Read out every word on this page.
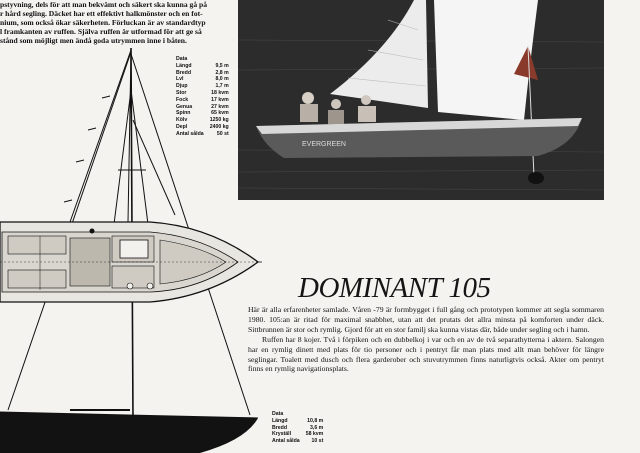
pstyvning, dels för att man bekvämt och säkert ska kunna gå på
r hård segling. Däcket har ett effektivt halkmönster och en fot-
nium, som också ökar säkerheten. Förluckan är av standardtyp
l framkanten av ruffen. Själva ruffen är utformad för att ge så
stånd som möjligt men ändå goda utrymmen inne i båten.
Data
Längd	9,5 m
Bredd	2,8 m
Lvl	8,0 m
Djup	1,7 m
Stor	18 kvm
Fock	17 kvm
Genua	27 kvm
Spinn	65 kvm
Kölv	1250 kg
Depl	2400 kg
Antal sålda	50 st
EVERGREEN
DOMINANT 105

Här är alla erfarenheter samlade. Våren -79 är formbygget i full gång och prototypen kommer att segla sommaren 1980. 105:an är ritad för maximal snabbhet, utan att det prutats det allra minsta på komforten under däck. Sittbrunnen är stor och rymlig. Gjord för att en stor familj ska kunna vistas där, både under segling och i hamn.

Ruffen har 8 kojer. Två i förpiken och en dubbelkoj i var och en av de två separathytterna i aktern. Salongen har en rymlig dinett med plats för tio personer och i pentryt får man plats med allt man behöver för längre seglingar. Toalett med dusch och flera garderober och stuvutrymmen finns naturligtvis också. Akter om pentryt finns en rymlig navigationsplats.

Data
Längd	10,8 m
Bredd	3,6 m
Kryställ	58 kvm
Antal sålda	10 st
